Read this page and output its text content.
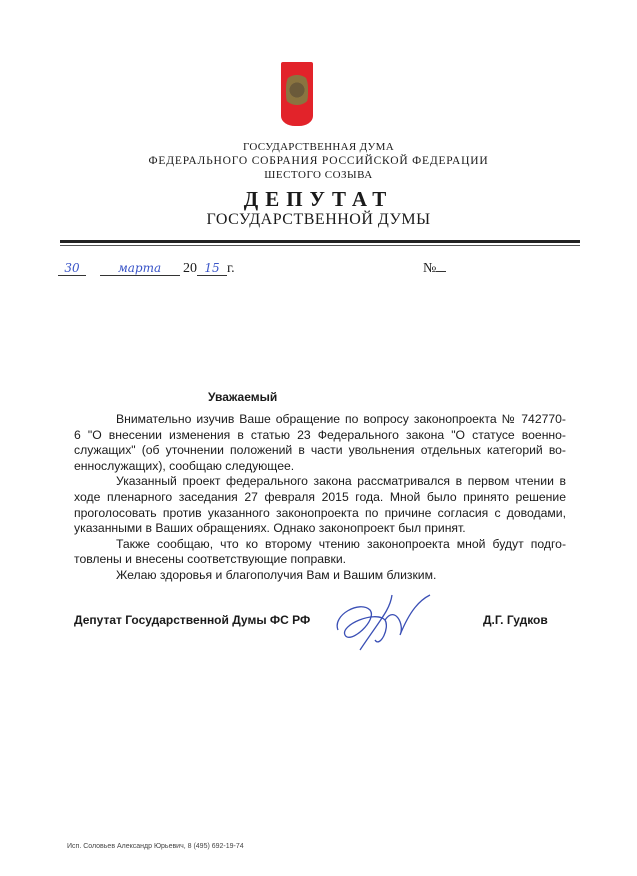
ГОСУДАРСТВЕННАЯ ДУМА
ФЕДЕРАЛЬНОГО СОБРАНИЯ РОССИЙСКОЙ ФЕДЕРАЦИИ
ШЕСТОГО СОЗЫВА
ДЕПУТАТ
ГОСУДАРСТВЕННОЙ ДУМЫ
30	марта 20 15 г.	№
Уважаемый
Внимательно изучив Ваше обращение по вопросу законопроекта № 742770-
6 "О внесении изменения в статью 23 Федерального закона "О статусе военно-
служащих" (об уточнении положений в части увольнения отдельных категорий во-
еннослужащих), сообщаю следующее.
Указанный проект федерального закона рассматривался в первом чтении в
ходе пленарного заседания 27 февраля 2015 года. Мной было принято решение
проголосовать против указанного законопроекта по причине согласия с доводами,
указанными в Ваших обращениях. Однако законопроект был принят.
Также сообщаю, что ко второму чтению законопроекта мной будут подго-
товлены и внесены соответствующие поправки.
Желаю здоровья и благополучия Вам и Вашим близким.
Депутат Государственной Думы ФС РФ	Д.Г. Гудков
Исп. Соловьев Александр Юрьевич, 8 (495) 692-19-74
